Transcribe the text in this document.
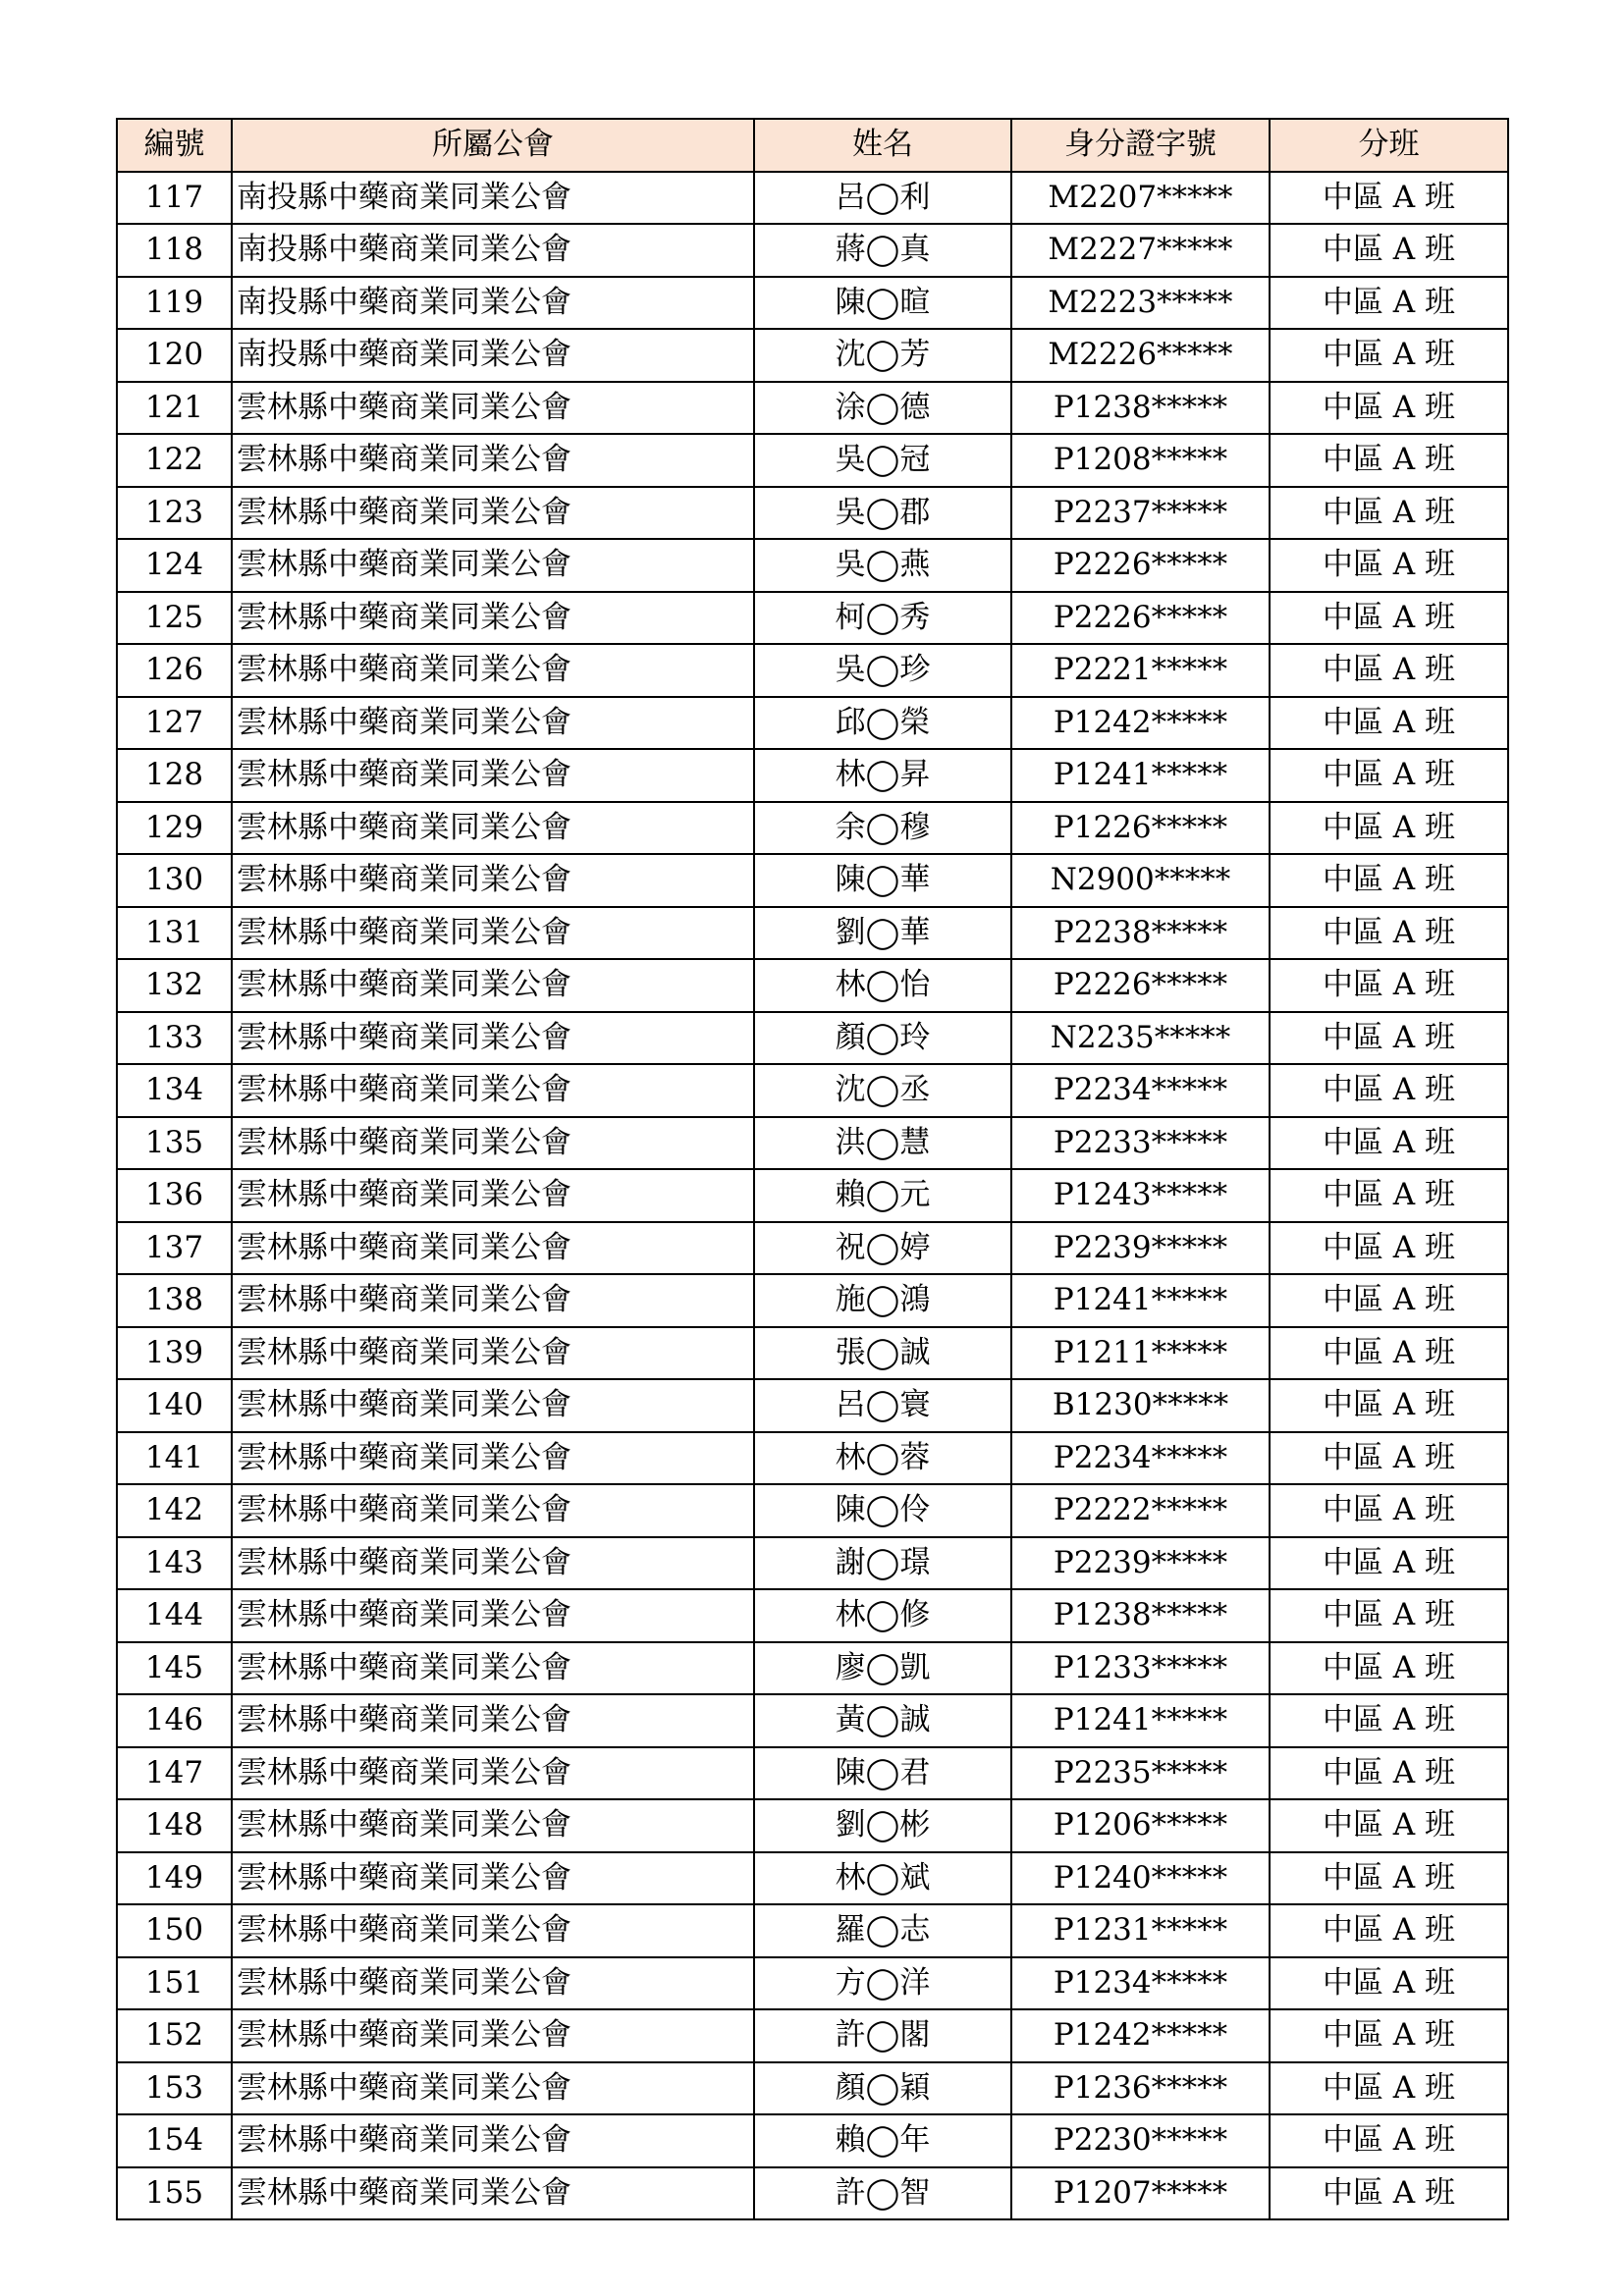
編號	所屬公會	姓名	身分證字號	分班
117	南投縣中藥商業同業公會	呂◯利	M2207*****	中區 A 班
118	南投縣中藥商業同業公會	蔣◯真	M2227*****	中區 A 班
119	南投縣中藥商業同業公會	陳◯暄	M2223*****	中區 A 班
120	南投縣中藥商業同業公會	沈◯芳	M2226*****	中區 A 班
121	雲林縣中藥商業同業公會	涂◯德	P1238*****	中區 A 班
122	雲林縣中藥商業同業公會	吳◯冠	P1208*****	中區 A 班
123	雲林縣中藥商業同業公會	吳◯郡	P2237*****	中區 A 班
124	雲林縣中藥商業同業公會	吳◯燕	P2226*****	中區 A 班
125	雲林縣中藥商業同業公會	柯◯秀	P2226*****	中區 A 班
126	雲林縣中藥商業同業公會	吳◯珍	P2221*****	中區 A 班
127	雲林縣中藥商業同業公會	邱◯榮	P1242*****	中區 A 班
128	雲林縣中藥商業同業公會	林◯昇	P1241*****	中區 A 班
129	雲林縣中藥商業同業公會	余◯穆	P1226*****	中區 A 班
130	雲林縣中藥商業同業公會	陳◯華	N2900*****	中區 A 班
131	雲林縣中藥商業同業公會	劉◯華	P2238*****	中區 A 班
132	雲林縣中藥商業同業公會	林◯怡	P2226*****	中區 A 班
133	雲林縣中藥商業同業公會	顏◯玲	N2235*****	中區 A 班
134	雲林縣中藥商業同業公會	沈◯丞	P2234*****	中區 A 班
135	雲林縣中藥商業同業公會	洪◯慧	P2233*****	中區 A 班
136	雲林縣中藥商業同業公會	賴◯元	P1243*****	中區 A 班
137	雲林縣中藥商業同業公會	祝◯婷	P2239*****	中區 A 班
138	雲林縣中藥商業同業公會	施◯鴻	P1241*****	中區 A 班
139	雲林縣中藥商業同業公會	張◯誠	P1211*****	中區 A 班
140	雲林縣中藥商業同業公會	呂◯寰	B1230*****	中區 A 班
141	雲林縣中藥商業同業公會	林◯蓉	P2234*****	中區 A 班
142	雲林縣中藥商業同業公會	陳◯伶	P2222*****	中區 A 班
143	雲林縣中藥商業同業公會	謝◯璟	P2239*****	中區 A 班
144	雲林縣中藥商業同業公會	林◯修	P1238*****	中區 A 班
145	雲林縣中藥商業同業公會	廖◯凱	P1233*****	中區 A 班
146	雲林縣中藥商業同業公會	黃◯誠	P1241*****	中區 A 班
147	雲林縣中藥商業同業公會	陳◯君	P2235*****	中區 A 班
148	雲林縣中藥商業同業公會	劉◯彬	P1206*****	中區 A 班
149	雲林縣中藥商業同業公會	林◯斌	P1240*****	中區 A 班
150	雲林縣中藥商業同業公會	羅◯志	P1231*****	中區 A 班
151	雲林縣中藥商業同業公會	方◯洋	P1234*****	中區 A 班
152	雲林縣中藥商業同業公會	許◯閣	P1242*****	中區 A 班
153	雲林縣中藥商業同業公會	顏◯穎	P1236*****	中區 A 班
154	雲林縣中藥商業同業公會	賴◯年	P2230*****	中區 A 班
155	雲林縣中藥商業同業公會	許◯智	P1207*****	中區 A 班
